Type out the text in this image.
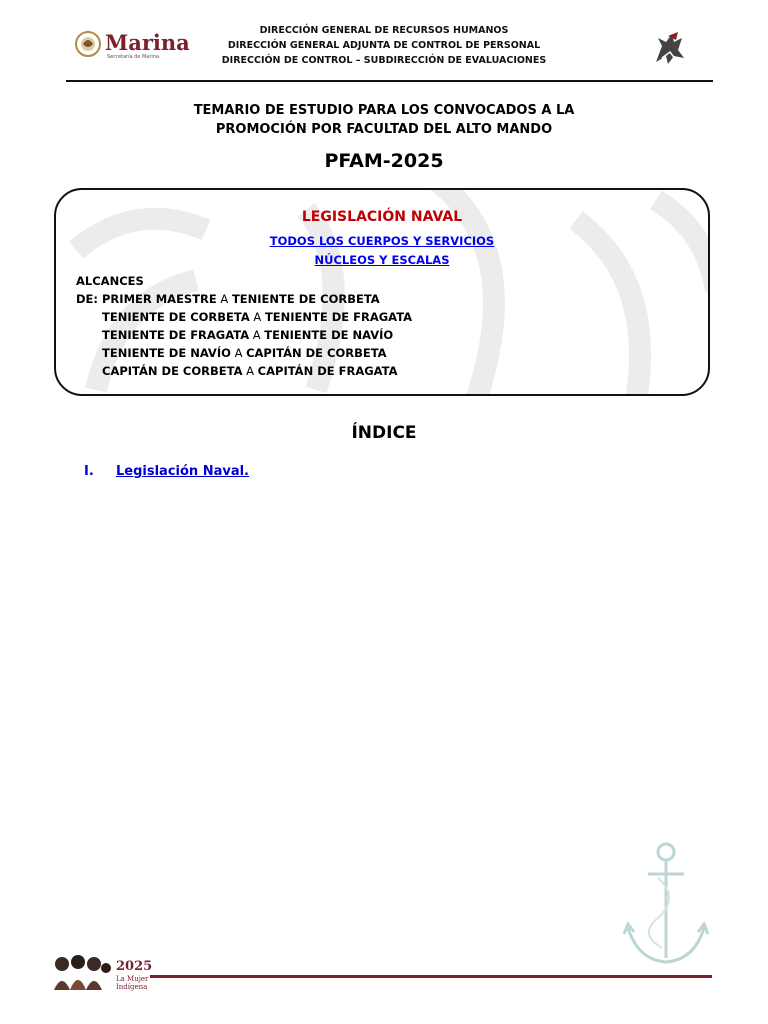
Marina
Secretaría de Marina
DIRECCIÓN GENERAL DE RECURSOS HUMANOS
DIRECCIÓN GENERAL ADJUNTA DE CONTROL DE PERSONAL
DIRECCIÓN DE CONTROL – SUBDIRECCIÓN DE EVALUACIONES
TEMARIO DE ESTUDIO PARA LOS CONVOCADOS A LA
PROMOCIÓN POR FACULTAD DEL ALTO MANDO
PFAM-2025
LEGISLACIÓN NAVAL
TODOS LOS CUERPOS Y SERVICIOS
NÚCLEOS Y ESCALAS
ALCANCES
DE: PRIMER MAESTRE A TENIENTE DE CORBETA
TENIENTE DE CORBETA A TENIENTE DE FRAGATA
TENIENTE DE FRAGATA A TENIENTE DE NAVÍO
TENIENTE DE NAVÍO A CAPITÁN DE CORBETA
CAPITÁN DE CORBETA A CAPITÁN DE FRAGATA
ÍNDICE
I. Legislación Naval.
2025
La Mujer Indígena
